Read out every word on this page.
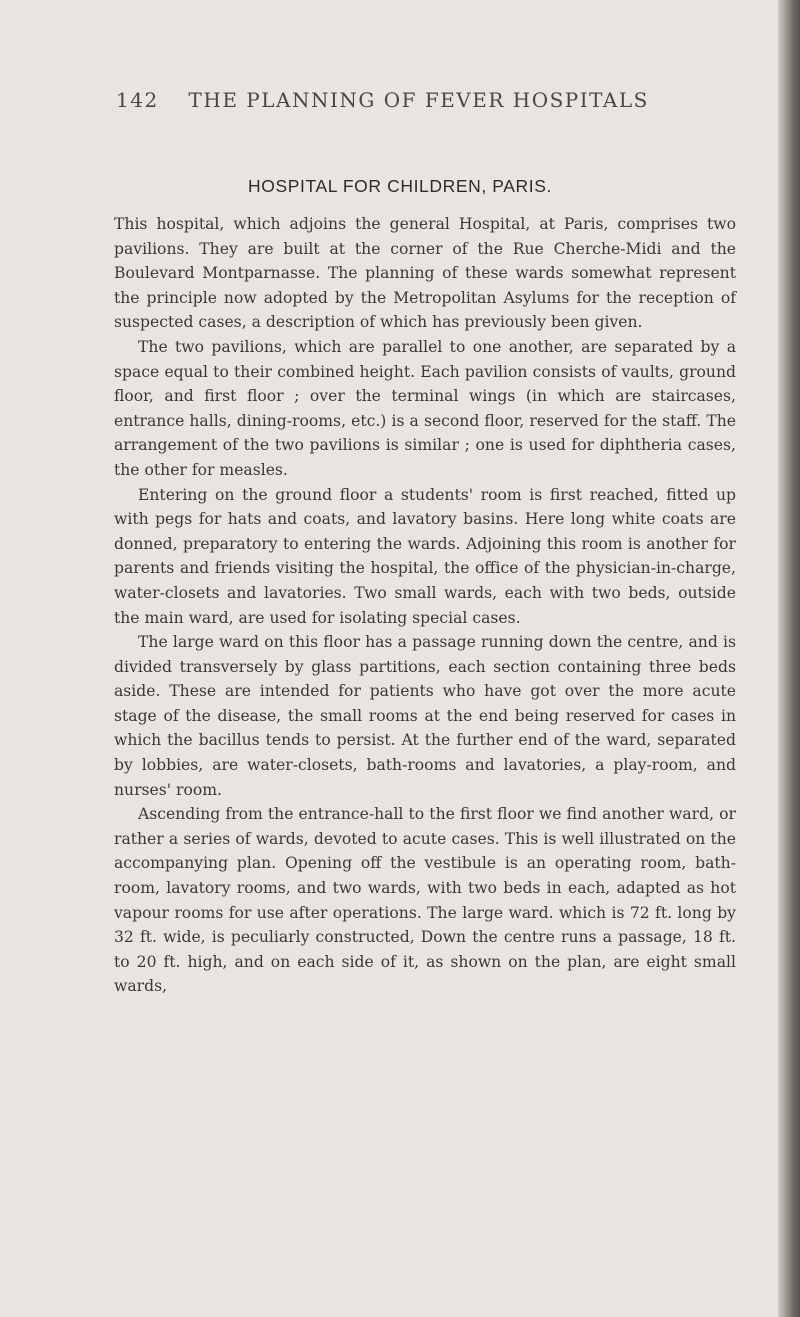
142 THE PLANNING OF FEVER HOSPITALS
HOSPITAL FOR CHILDREN, PARIS.

This hospital, which adjoins the general Hospital, at Paris, comprises two pavilions. They are built at the corner of the Rue Cherche-Midi and the Boulevard Montparnasse. The planning of these wards somewhat represent the principle now adopted by the Metropolitan Asylums for the reception of suspected cases, a description of which has previously been given.

The two pavilions, which are parallel to one another, are separated by a space equal to their combined height. Each pavilion consists of vaults, ground floor, and first floor ; over the terminal wings (in which are staircases, entrance halls, dining-rooms, etc.) is a second floor, reserved for the staff. The arrangement of the two pavilions is similar ; one is used for diphtheria cases, the other for measles.

Entering on the ground floor a students' room is first reached, fitted up with pegs for hats and coats, and lavatory basins. Here long white coats are donned, preparatory to entering the wards. Adjoining this room is another for parents and friends visiting the hospital, the office of the physician-in-charge, water-closets and lavatories. Two small wards, each with two beds, outside the main ward, are used for isolating special cases.

The large ward on this floor has a passage running down the centre, and is divided transversely by glass partitions, each section containing three beds aside. These are intended for patients who have got over the more acute stage of the disease, the small rooms at the end being reserved for cases in which the bacillus tends to persist. At the further end of the ward, separated by lobbies, are water-closets, bath-rooms and lavatories, a play-room, and nurses' room.

Ascending from the entrance-hall to the first floor we find another ward, or rather a series of wards, devoted to acute cases. This is well illustrated on the accompanying plan. Opening off the vestibule is an operating room, bath-room, lavatory rooms, and two wards, with two beds in each, adapted as hot vapour rooms for use after operations. The large ward. which is 72 ft. long by 32 ft. wide, is peculiarly constructed, Down the centre runs a passage, 18 ft. to 20 ft. high, and on each side of it, as shown on the plan, are eight small wards,
